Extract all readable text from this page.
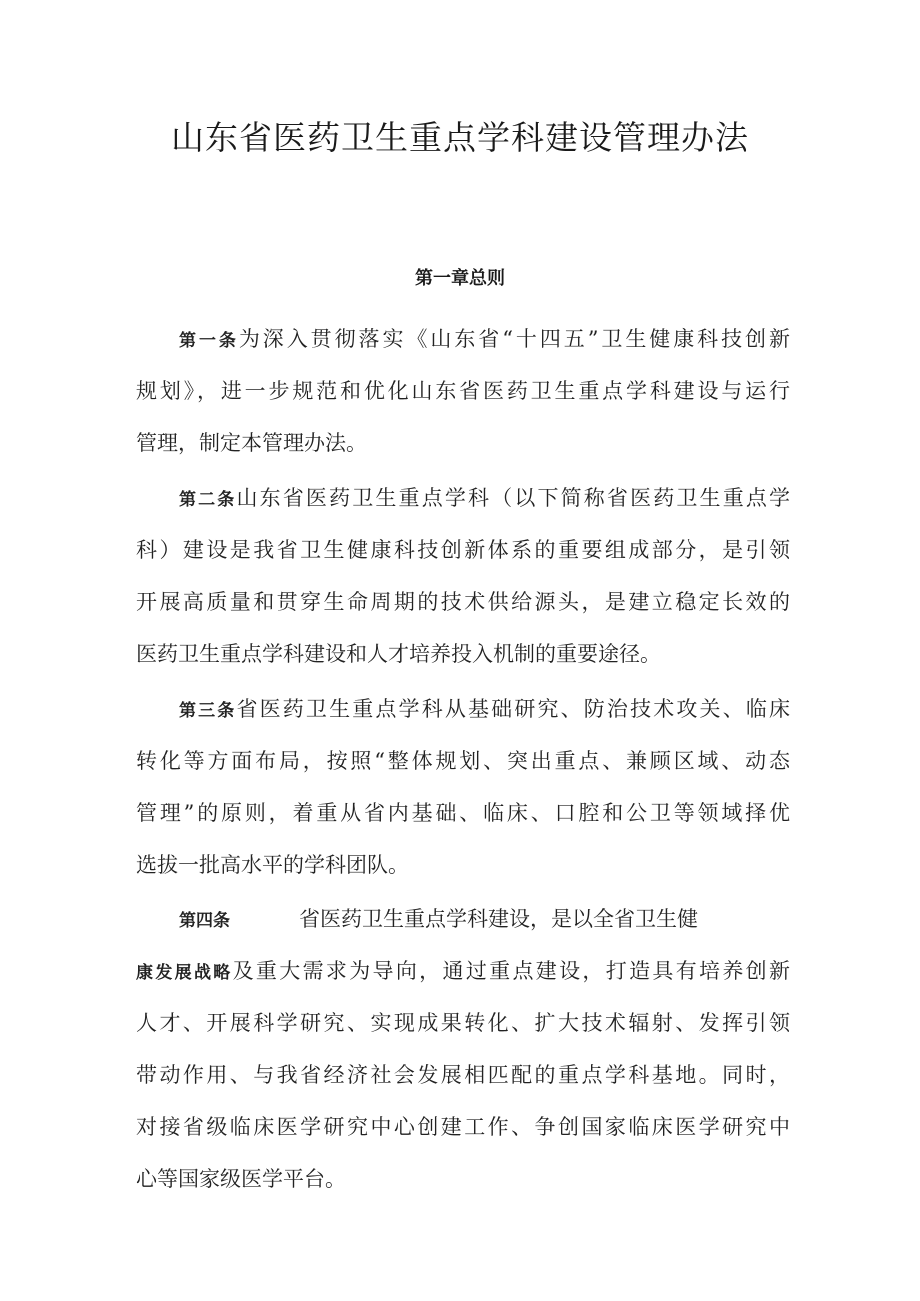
山东省医药卫生重点学科建设管理办法
第一章总则
第一条为深入贯彻落实《山东省“十四五”卫生健康科技创新
规划》，进一步规范和优化山东省医药卫生重点学科建设与运行
管理，制定本管理办法。
第二条山东省医药卫生重点学科（以下简称省医药卫生重点学
科）建设是我省卫生健康科技创新体系的重要组成部分，是引领
开展高质量和贯穿生命周期的技术供给源头，是建立稳定长效的
医药卫生重点学科建设和人才培养投入机制的重要途径。
第三条省医药卫生重点学科从基础研究、防治技术攻关、临床
转化等方面布局，按照“整体规划、突出重点、兼顾区域、动态
管理”的原则，着重从省内基础、临床、口腔和公卫等领域择优
选拔一批高水平的学科团队。
第四条	省医药卫生重点学科建设，是以全省卫生健
康发展战略及重大需求为导向，通过重点建设，打造具有培养创新
人才、开展科学研究、实现成果转化、扩大技术辐射、发挥引领
带动作用、与我省经济社会发展相匹配的重点学科基地。同时，
对接省级临床医学研究中心创建工作、争创国家临床医学研究中
心等国家级医学平台。
